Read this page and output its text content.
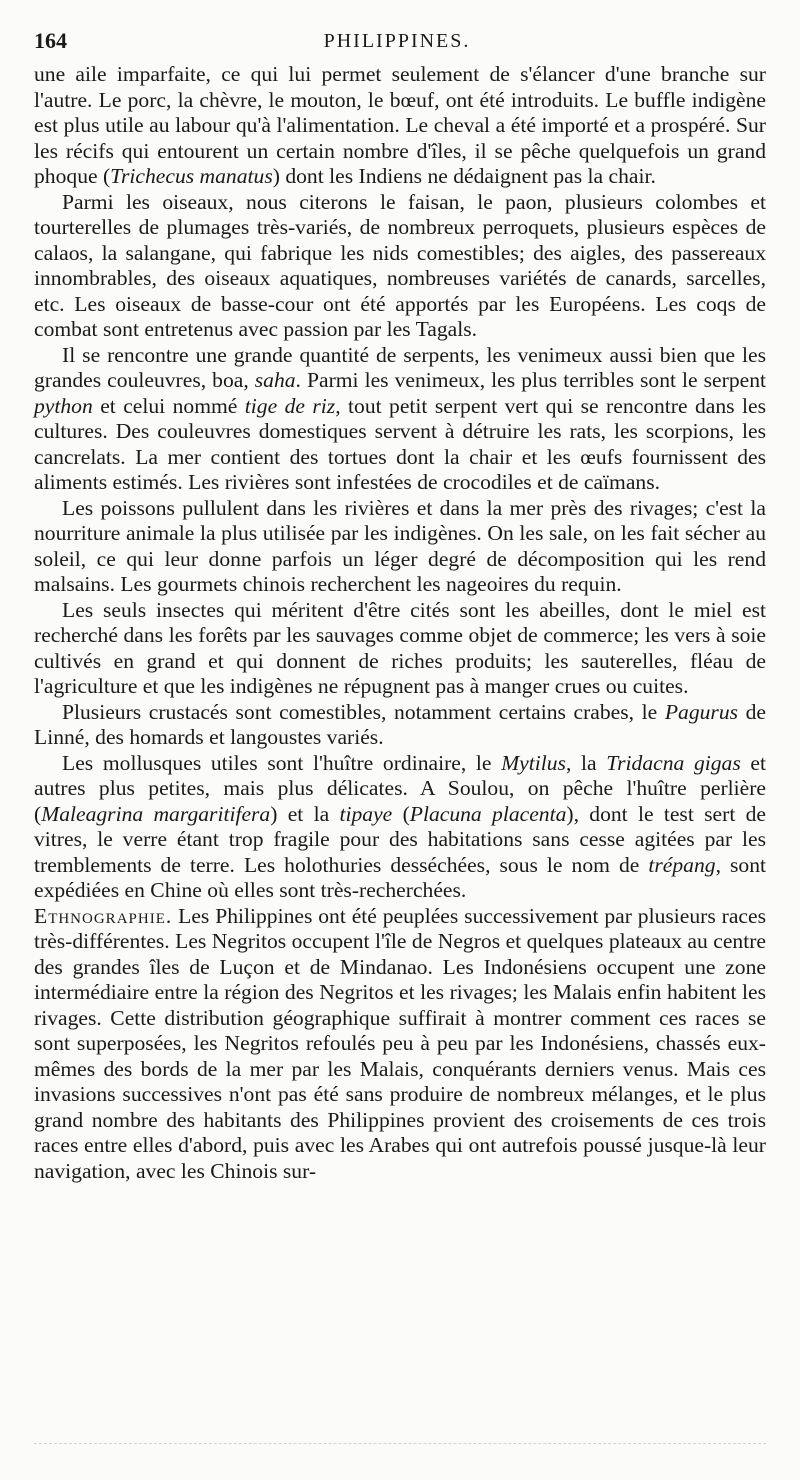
164	PHILIPPINES.

une aile imparfaite, ce qui lui permet seulement de s'élancer d'une branche sur l'autre. Le porc, la chèvre, le mouton, le bœuf, ont été introduits. Le buffle indigène est plus utile au labour qu'à l'alimentation. Le cheval a été importé et a prospéré. Sur les récifs qui entourent un certain nombre d'îles, il se pêche quelquefois un grand phoque (Trichecus manatus) dont les Indiens ne dédaignent pas la chair.

Parmi les oiseaux, nous citerons le faisan, le paon, plusieurs colombes et tourterelles de plumages très-variés, de nombreux perroquets, plusieurs espèces de calaos, la salangane, qui fabrique les nids comestibles; des aigles, des passereaux innombrables, des oiseaux aquatiques, nombreuses variétés de canards, sarcelles, etc. Les oiseaux de basse-cour ont été apportés par les Européens. Les coqs de combat sont entretenus avec passion par les Tagals.

Il se rencontre une grande quantité de serpents, les venimeux aussi bien que les grandes couleuvres, boa, saha. Parmi les venimeux, les plus terribles sont le serpent python et celui nommé tige de riz, tout petit serpent vert qui se rencontre dans les cultures. Des couleuvres domestiques servent à détruire les rats, les scorpions, les cancrelats. La mer contient des tortues dont la chair et les œufs fournissent des aliments estimés. Les rivières sont infestées de crocodiles et de caïmans.

Les poissons pullulent dans les rivières et dans la mer près des rivages; c'est la nourriture animale la plus utilisée par les indigènes. On les sale, on les fait sécher au soleil, ce qui leur donne parfois un léger degré de décomposition qui les rend malsains. Les gourmets chinois recherchent les nageoires du requin.

Les seuls insectes qui méritent d'être cités sont les abeilles, dont le miel est recherché dans les forêts par les sauvages comme objet de commerce; les vers à soie cultivés en grand et qui donnent de riches produits; les sauterelles, fléau de l'agriculture et que les indigènes ne répugnent pas à manger crues ou cuites.

Plusieurs crustacés sont comestibles, notamment certains crabes, le Pagurus de Linné, des homards et langoustes variés.

Les mollusques utiles sont l'huître ordinaire, le Mytilus, la Tridacna gigas et autres plus petites, mais plus délicates. A Soulou, on pêche l'huître perlière (Maleagrina margaritifera) et la tipaye (Placuna placenta), dont le test sert de vitres, le verre étant trop fragile pour des habitations sans cesse agitées par les tremblements de terre. Les holothuries desséchées, sous le nom de trépang, sont expédiées en Chine où elles sont très-recherchées.

Ethnographie. Les Philippines ont été peuplées successivement par plusieurs races très-différentes. Les Negritos occupent l'île de Negros et quelques plateaux au centre des grandes îles de Luçon et de Mindanao. Les Indonésiens occupent une zone intermédiaire entre la région des Negritos et les rivages; les Malais enfin habitent les rivages. Cette distribution géographique suffirait à montrer comment ces races se sont superposées, les Negritos refoulés peu à peu par les Indonésiens, chassés eux-mêmes des bords de la mer par les Malais, conquérants derniers venus. Mais ces invasions successives n'ont pas été sans produire de nombreux mélanges, et le plus grand nombre des habitants des Philippines provient des croisements de ces trois races entre elles d'abord, puis avec les Arabes qui ont autrefois poussé jusque-là leur navigation, avec les Chinois sur-
